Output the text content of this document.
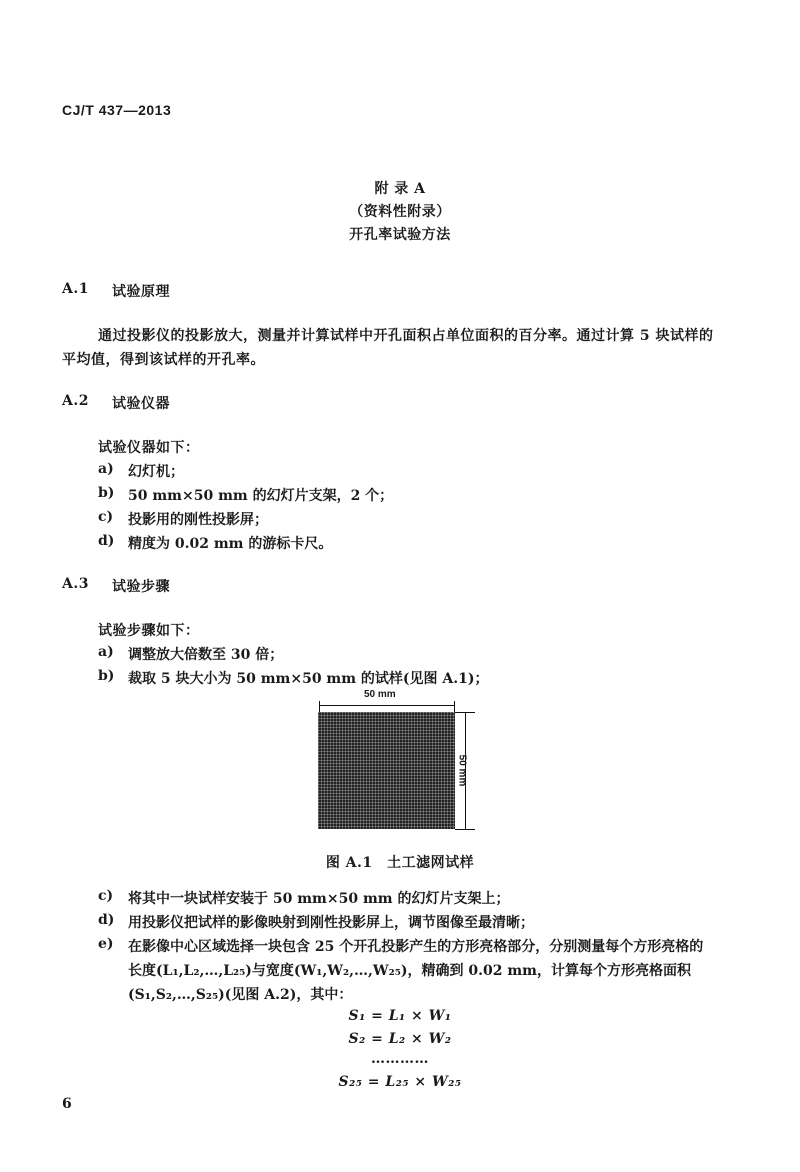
CJ/T 437—2013
附 录 A
（资料性附录）
开孔率试验方法
A.1 试验原理
通过投影仪的投影放大，测量并计算试样中开孔面积占单位面积的百分率。通过计算 5 块试样的
平均值，得到该试样的开孔率。
A.2 试验仪器
试验仪器如下：
a) 幻灯机；
b) 50 mm×50 mm 的幻灯片支架，2 个；
c) 投影用的刚性投影屏；
d) 精度为 0.02 mm 的游标卡尺。
A.3 试验步骤
试验步骤如下：
a) 调整放大倍数至 30 倍；
b) 裁取 5 块大小为 50 mm×50 mm 的试样(见图 A.1)；
50 mm
50 mm
图 A.1　土工滤网试样
c) 将其中一块试样安装于 50 mm×50 mm 的幻灯片支架上；
d) 用投影仪把试样的影像映射到刚性投影屏上，调节图像至最清晰；
e) 在影像中心区域选择一块包含 25 个开孔投影产生的方形亮格部分，分别测量每个方形亮格的
长度(L₁,L₂,…,L₂₅)与宽度(W₁,W₂,…,W₂₅)，精确到 0.02 mm，计算每个方形亮格面积
(S₁,S₂,…,S₂₅)(见图 A.2)，其中：
S₁ = L₁ × W₁
S₂ = L₂ × W₂
…………
S₂₅ = L₂₅ × W₂₅
6
